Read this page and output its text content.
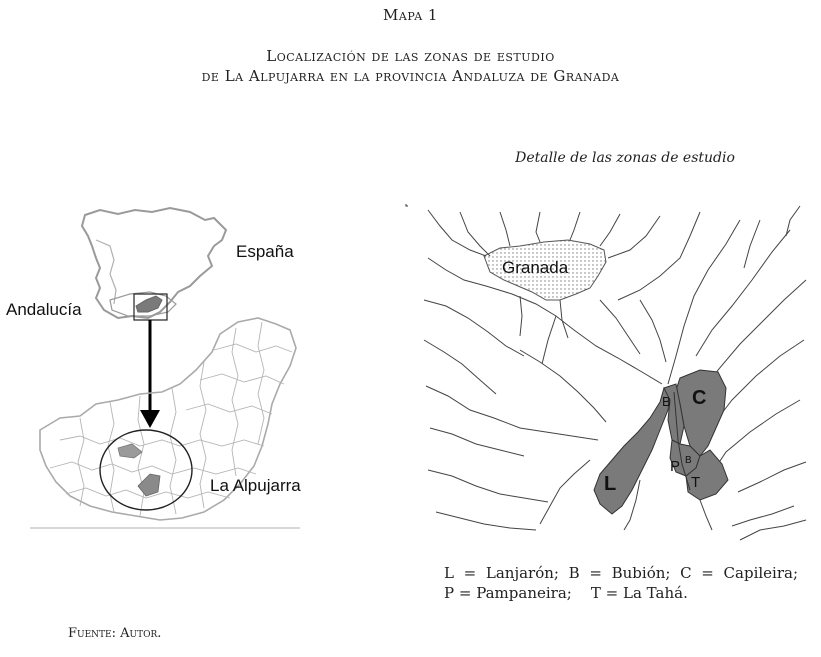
Mapa 1
Localización de las zonas de estudio
de La Alpujarra en la provincia Andaluza de Granada
Detalle de las zonas de estudio
España
Andalucía
La Alpujarra
Granada
L
B C
P B
T
L = Lanjarón; B = Bubión; C = Capileira;
P = Pampaneira;    T = La Tahá.
Fuente: Autor.
